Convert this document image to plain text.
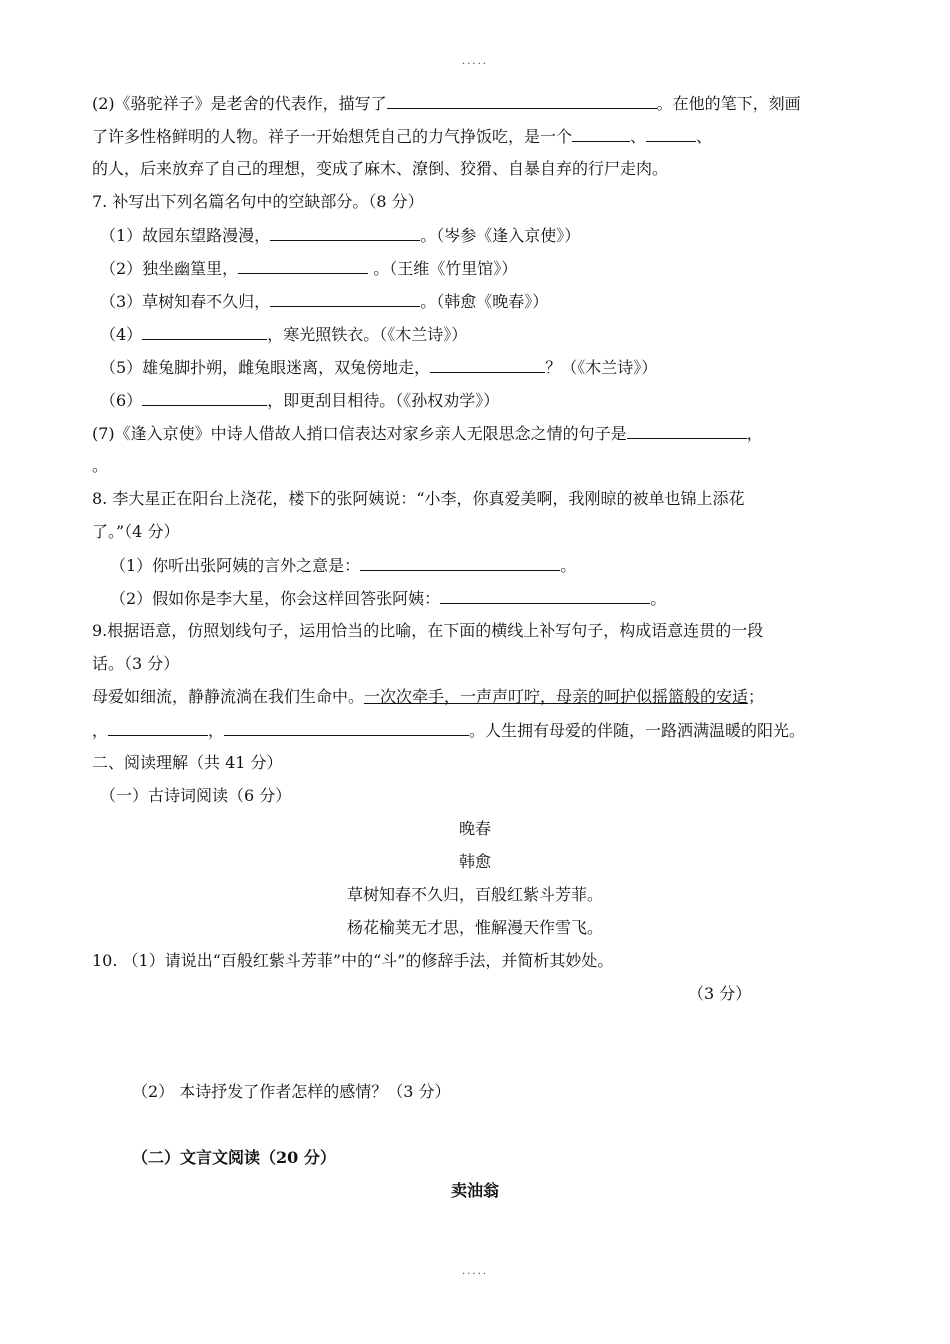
.....
(2)《骆驼祥子》是老舍的代表作，描写了	。在他的笔下，刻画
了许多性格鲜明的人物。祥子一开始想凭自己的力气挣饭吃，是一个	、	、
的人，后来放弃了自己的理想，变成了麻木、潦倒、狡猾、自暴自弃的行尸走肉。
7. 补写出下列名篇名句中的空缺部分。（8 分）
（1）故园东望路漫漫，	。（岑参《逢入京使》）
（2）独坐幽篁里，	。（王维《竹里馆》）
（3）草树知春不久归，	。（韩愈《晚春》）
（4）	，寒光照铁衣。（《木兰诗》）
（5）雄兔脚扑朔，雌兔眼迷离，双兔傍地走，	？（《木兰诗》）
（6）	，即更刮目相待。（《孙权劝学》）
(7)《逢入京使》中诗人借故人捎口信表达对家乡亲人无限思念之情的句子是	，
。
8. 李大星正在阳台上浇花，楼下的张阿姨说：“小李，你真爱美啊，我刚晾的被单也锦上添花
了。”（4 分）
（1）你听出张阿姨的言外之意是：	。
（2）假如你是李大星，你会这样回答张阿姨：	。
9.根据语意，仿照划线句子，运用恰当的比喻，在下面的横线上补写句子，构成语意连贯的一段
话。（3 分）
母爱如细流，静静流淌在我们生命中。一次次牵手，一声声叮咛，母亲的呵护似摇篮般的安适；
，	，	。人生拥有母爱的伴随，一路洒满温暖的阳光。
二、阅读理解（共 41 分）
（一）古诗词阅读（6 分）
晚春
韩愈
草树知春不久归，百般红紫斗芳菲。
杨花榆荚无才思，惟解漫天作雪飞。
10. （1）请说出“百般红紫斗芳菲”中的“斗”的修辞手法，并简析其妙处。
（3 分）
（2） 本诗抒发了作者怎样的感情？（3 分）
（二）文言文阅读（20 分）
卖油翁
.....
